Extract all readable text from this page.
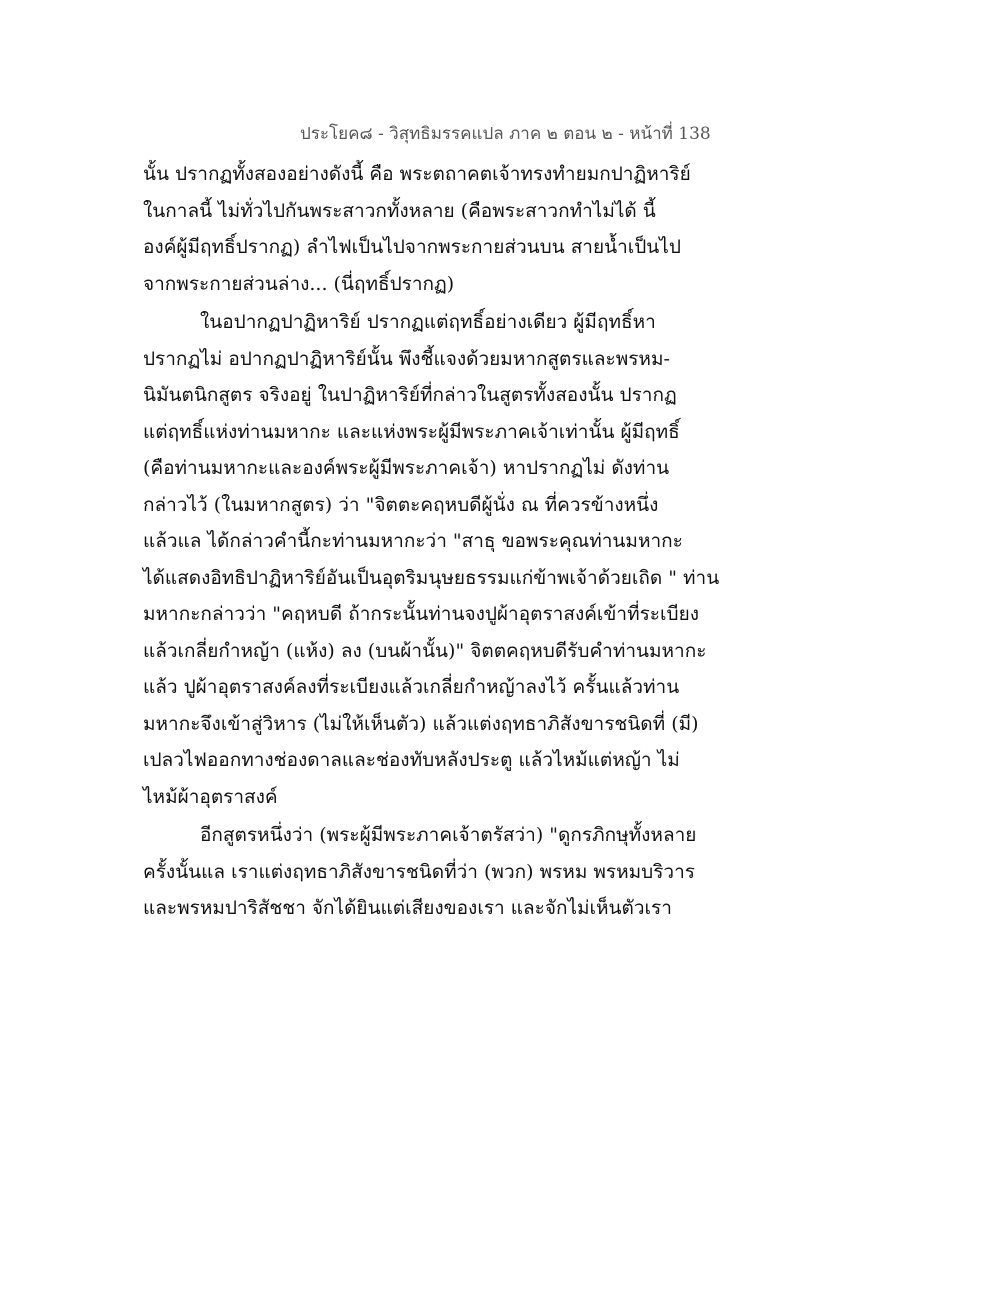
ประโยค๘ - วิสุทธิมรรคแปล ภาค ๒ ตอน ๒ - หน้าที่ 138
นั้น ปรากฏทั้งสองอย่างดังนี้ คือ พระตถาคตเจ้าทรงทำยมกปาฏิหาริย์
ในกาลนี้ ไม่ทั่วไปกันพระสาวกทั้งหลาย (คือพระสาวกทำไม่ได้ นี้
องค์ผู้มีฤทธิ์ปรากฏ) ลำไฟเป็นไปจากพระกายส่วนบน สายน้ำเป็นไป
จากพระกายส่วนล่าง... (นี่ฤทธิ์ปรากฏ)
ในอปากฏปาฏิหาริย์ ปรากฏแต่ฤทธิ์อย่างเดียว ผู้มีฤทธิ์หา
ปรากฏไม่ อปากฏปาฏิหาริย์นั้น พึงชี้แจงด้วยมหากสูตรและพรหม-
นิมันตนิกสูตร จริงอยู่ ในปาฏิหาริย์ที่กล่าวในสูตรทั้งสองนั้น ปรากฏ
แต่ฤทธิ์แห่งท่านมหากะ และแห่งพระผู้มีพระภาคเจ้าเท่านั้น ผู้มีฤทธิ์
(คือท่านมหากะและองค์พระผู้มีพระภาคเจ้า) หาปรากฏไม่ ดังท่าน
กล่าวไว้ (ในมหากสูตร) ว่า "จิตตะคฤหบดีผู้นั่ง ณ ที่ควรข้างหนึ่ง
แล้วแล ได้กล่าวคำนี้กะท่านมหากะว่า "สาธุ ขอพระคุณท่านมหากะ
ได้แสดงอิทธิปาฏิหาริย์อันเป็นอุตริมนุษยธรรมแก่ข้าพเจ้าด้วยเถิด " ท่าน
มหากะกล่าวว่า "คฤหบดี ถ้ากระนั้นท่านจงปูผ้าอุตราสงค์เข้าที่ระเบียง
แล้วเกลี่ยกำหญ้า (แห้ง) ลง (บนผ้านั้น)" จิตตคฤหบดีรับคำท่านมหากะ
แล้ว ปูผ้าอุตราสงค์ลงที่ระเบียงแล้วเกลี่ยกำหญ้าลงไว้ ครั้นแล้วท่าน
มหากะจึงเข้าสู่วิหาร (ไม่ให้เห็นตัว) แล้วแต่งฤทธาภิสังขารชนิดที่ (มี)
เปลวไฟออกทางช่องดาลและช่องทับหลังประตู แล้วไหม้แต่หญ้า ไม่
ไหม้ผ้าอุตราสงค์
อีกสูตรหนึ่งว่า (พระผู้มีพระภาคเจ้าตรัสว่า) "ดูกรภิกษุทั้งหลาย
ครั้งนั้นแล เราแต่งฤทธาภิสังขารชนิดที่ว่า (พวก) พรหม พรหมบริวาร
และพรหมปาริสัชชา จักได้ยินแต่เสียงของเรา และจักไม่เห็นตัวเรา
